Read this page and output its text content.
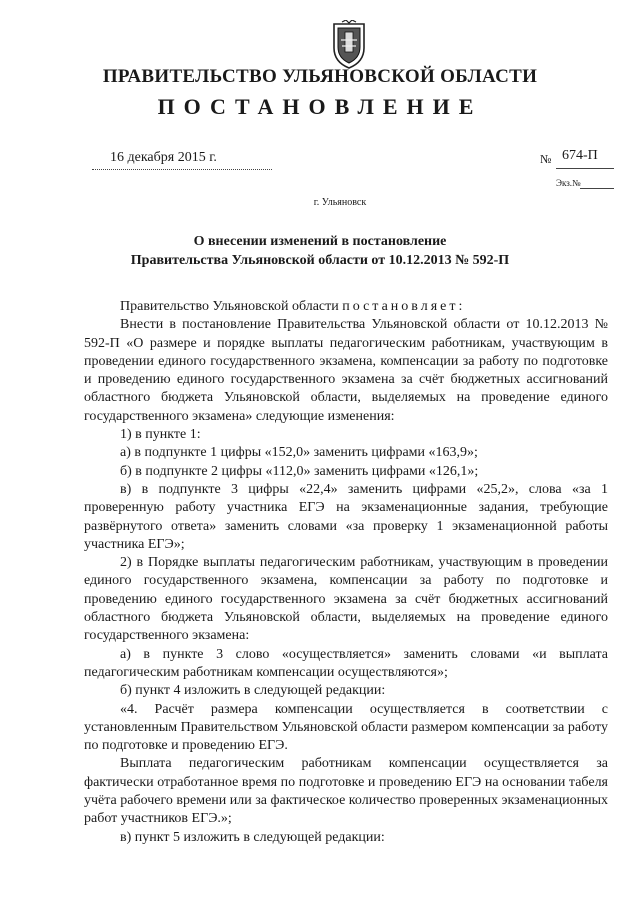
ПРАВИТЕЛЬСТВО УЛЬЯНОВСКОЙ ОБЛАСТИ
ПОСТАНОВЛЕНИЕ
16 декабря 2015 г.	№ 674-П
Экз.№
г. Ульяновск
О внесении изменений в постановление
Правительства Ульяновской области от 10.12.2013 № 592-П

Правительство Ульяновской области постановляет:

Внести в постановление Правительства Ульяновской области от 10.12.2013 № 592-П «О размере и порядке выплаты педагогическим работникам, участвующим в проведении единого государственного экзамена, компенсации за работу по подготовке и проведению единого государственного экзамена за счёт бюджетных ассигнований областного бюджета Ульяновской области, выделяемых на проведение единого государственного экзамена» следующие изменения:

1) в пункте 1:

а) в подпункте 1 цифры «152,0» заменить цифрами «163,9»;

б) в подпункте 2 цифры «112,0» заменить цифрами «126,1»;

в) в подпункте 3 цифры «22,4» заменить цифрами «25,2», слова «за 1 проверенную работу участника ЕГЭ на экзаменационные задания, требующие развёрнутого ответа» заменить словами «за проверку 1 экзаменационной работы участника ЕГЭ»;

2) в Порядке выплаты педагогическим работникам, участвующим в проведении единого государственного экзамена, компенсации за работу по подготовке и проведению единого государственного экзамена за счёт бюджетных ассигнований областного бюджета Ульяновской области, выделяемых на проведение единого государственного экзамена:

а) в пункте 3 слово «осуществляется» заменить словами «и выплата педагогическим работникам компенсации осуществляются»;

б) пункт 4 изложить в следующей редакции:

«4. Расчёт размера компенсации осуществляется в соответствии с установленным Правительством Ульяновской области размером компенсации за работу по подготовке и проведению ЕГЭ.

Выплата педагогическим работникам компенсации осуществляется за фактически отработанное время по подготовке и проведению ЕГЭ на основании табеля учёта рабочего времени или за фактическое количество проверенных экзаменационных работ участников ЕГЭ.»;

в) пункт 5 изложить в следующей редакции:
